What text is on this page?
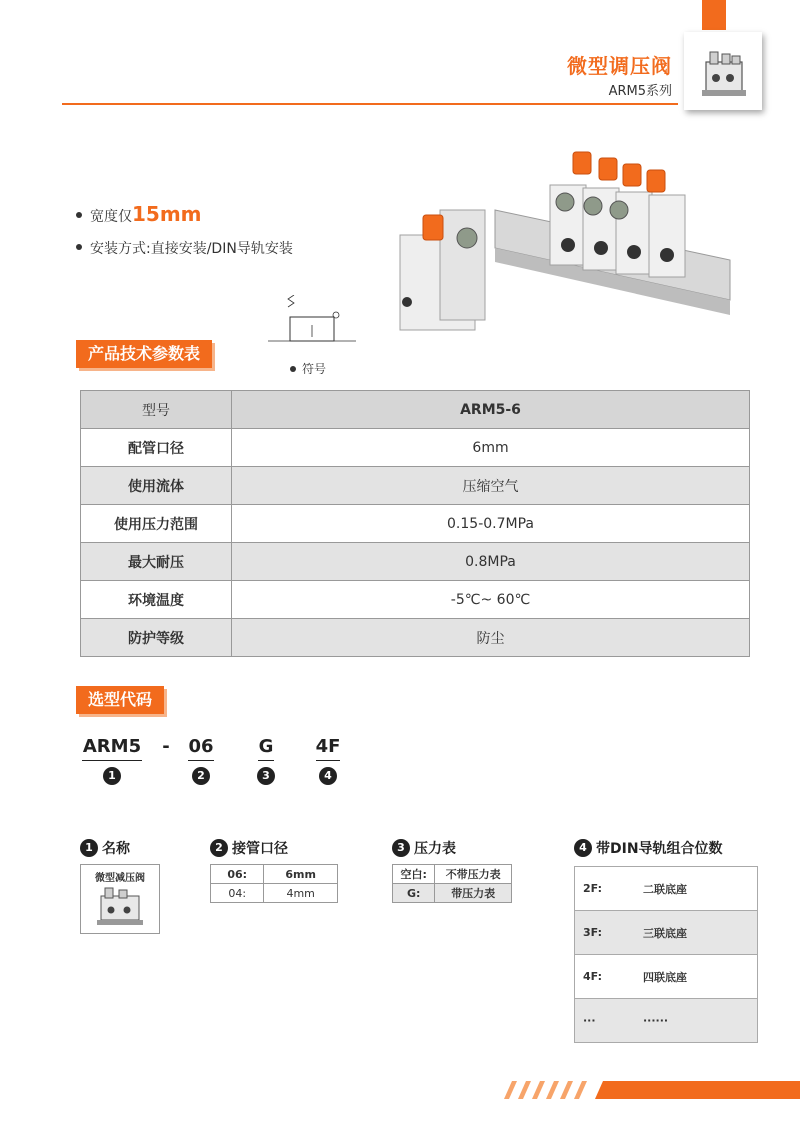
微型调压阀
ARM5系列
宽度仅 15mm
安装方式:直接安装/DIN导轨安装
符号
产品技术参数表
型号	ARM5-6
配管口径	6mm
使用流体	压缩空气
使用压力范围	0.15-0.7MPa
最大耐压	0.8MPa
环境温度	-5℃~ 60℃
防护等级	防尘
选型代码
ARM5 - 06	G 4F
1	2	3	4
1 名称
微型减压阀
2 接管口径
06:	6mm
04:	4mm
3 压力表
空白:	不带压力表
G:	带压力表
4 带DIN导轨组合位数
2F:	二联底座
3F:	三联底座
4F:	四联底座
···	······
